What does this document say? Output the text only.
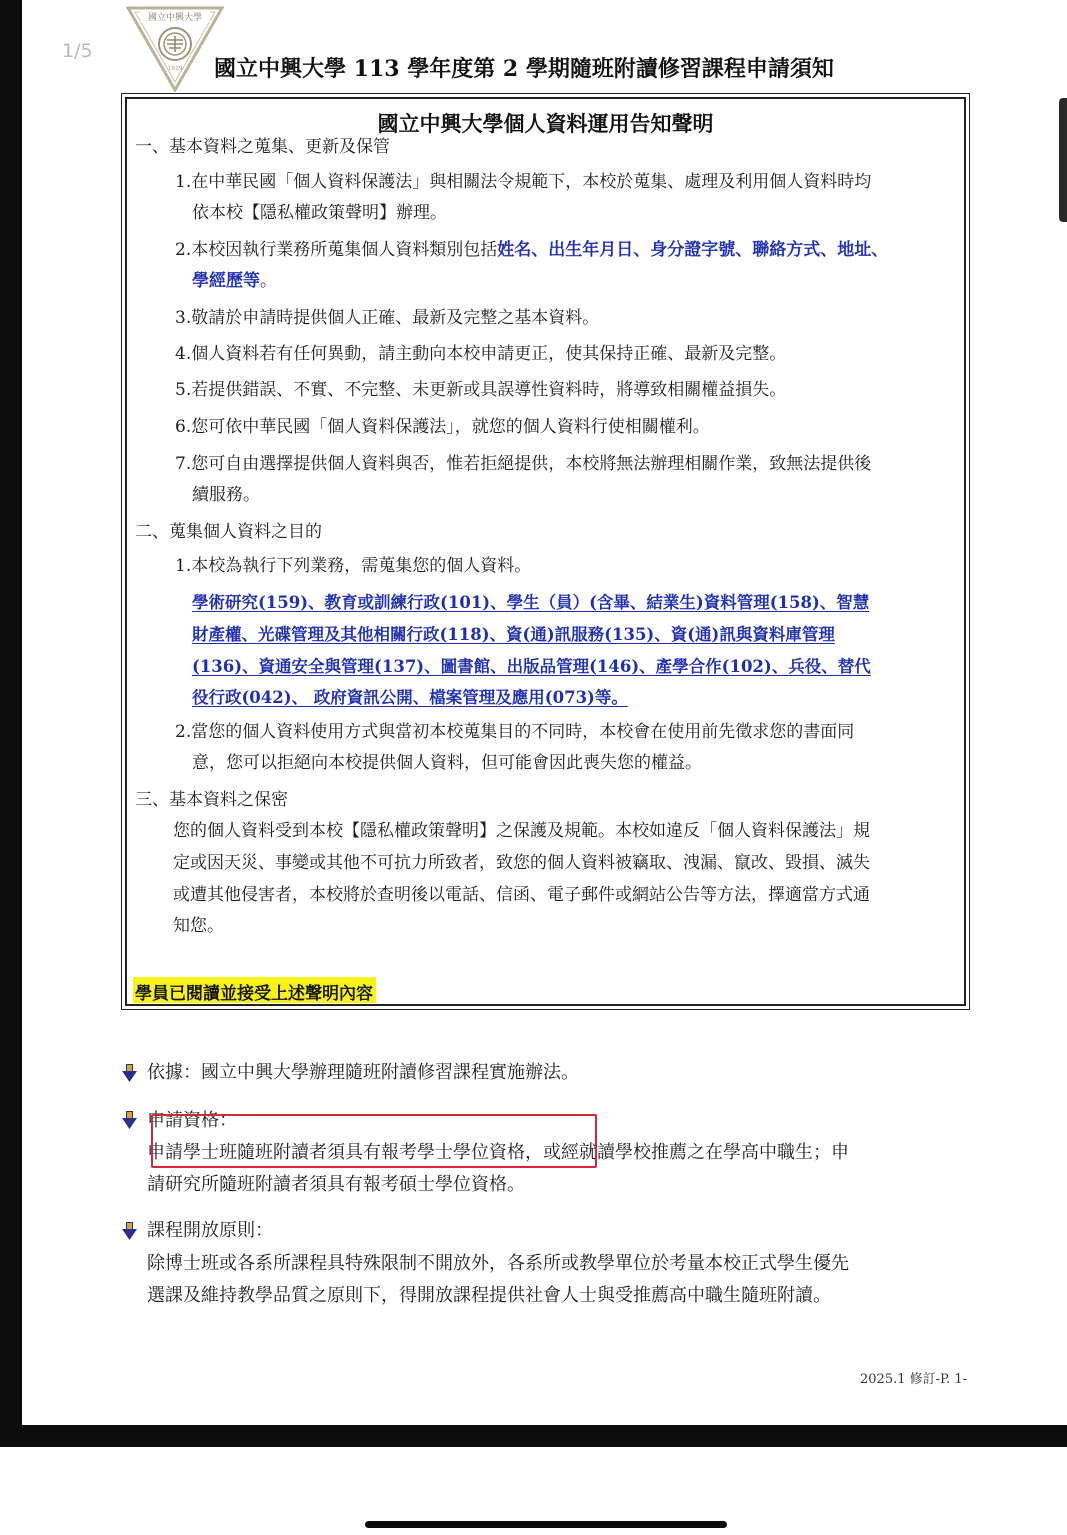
1/5
國立中興大學
1919 國立中興大學 113 學年度第 2 學期隨班附讀修習課程申請須知
國立中興大學個人資料運用告知聲明
一、基本資料之蒐集、更新及保管
1.在中華民國「個人資料保護法」與相關法令規範下，本校於蒐集、處理及利用個人資料時均
依本校【隱私權政策聲明】辦理。
2.本校因執行業務所蒐集個人資料類別包括姓名、出生年月日、身分證字號、聯絡方式、地址、
學經歷等。
3.敬請於申請時提供個人正確、最新及完整之基本資料。
4.個人資料若有任何異動，請主動向本校申請更正，使其保持正確、最新及完整。
5.若提供錯誤、不實、不完整、未更新或具誤導性資料時，將導致相關權益損失。
6.您可依中華民國「個人資料保護法」，就您的個人資料行使相關權利。
7.您可自由選擇提供個人資料與否，惟若拒絕提供，本校將無法辦理相關作業，致無法提供後
續服務。
二、蒐集個人資料之目的
1.本校為執行下列業務，需蒐集您的個人資料。
學術研究(159)、教育或訓練行政(101)、學生（員）(含畢、結業生)資料管理(158)、智慧
財產權、光碟管理及其他相關行政(118)、資(通)訊服務(135)、資(通)訊與資料庫管理
(136)、資通安全與管理(137)、圖書館、出版品管理(146)、產學合作(102)、兵役、替代
役行政(042)、 政府資訊公開、檔案管理及應用(073)等。
2.當您的個人資料使用方式與當初本校蒐集目的不同時，本校會在使用前先徵求您的書面同
意，您可以拒絕向本校提供個人資料，但可能會因此喪失您的權益。
三、基本資料之保密
您的個人資料受到本校【隱私權政策聲明】之保護及規範。本校如違反「個人資料保護法」規
定或因天災、事變或其他不可抗力所致者，致您的個人資料被竊取、洩漏、竄改、毀損、滅失
或遭其他侵害者，本校將於查明後以電話、信函、電子郵件或網站公告等方法，擇適當方式通
知您。
學員已閱讀並接受上述聲明內容
依據：國立中興大學辦理隨班附讀修習課程實施辦法。
申請資格：
申請學士班隨班附讀者須具有報考學士學位資格，或經就讀學校推薦之在學高中職生；申
請研究所隨班附讀者須具有報考碩士學位資格。
課程開放原則：
除博士班或各系所課程具特殊限制不開放外，各系所或教學單位於考量本校正式學生優先
選課及維持教學品質之原則下，得開放課程提供社會人士與受推薦高中職生隨班附讀。
2025.1 修訂-P. 1-
